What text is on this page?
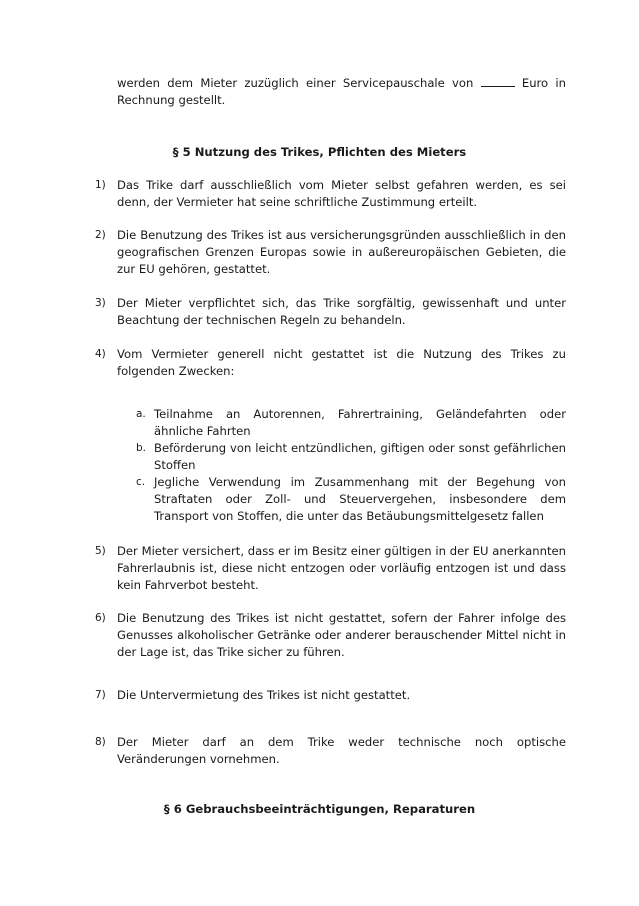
werden dem Mieter zuzüglich einer Servicepauschale von	Euro in Rechnung gestellt.

§ 5 Nutzung des Trikes, Pflichten des Mieters

1) Das Trike darf ausschließlich vom Mieter selbst gefahren werden, es sei denn, der Vermieter hat seine schriftliche Zustimmung erteilt.

2) Die Benutzung des Trikes ist aus versicherungsgründen ausschließlich in den geografischen Grenzen Europas sowie in außereuropäischen Gebieten, die zur EU gehören, gestattet.

3) Der Mieter verpflichtet sich, das Trike sorgfältig, gewissenhaft und unter Beachtung der technischen Regeln zu behandeln.

4) Vom Vermieter generell nicht gestattet ist die Nutzung des Trikes zu folgenden Zwecken:

a. Teilnahme an Autorennen, Fahrertraining, Geländefahrten oder ähnliche Fahrten

b. Beförderung von leicht entzündlichen, giftigen oder sonst gefährlichen Stoffen

c. Jegliche Verwendung im Zusammenhang mit der Begehung von Straftaten oder Zoll- und Steuervergehen, insbesondere dem Transport von Stoffen, die unter das Betäubungsmittelgesetz fallen

5) Der Mieter versichert, dass er im Besitz einer gültigen in der EU anerkannten Fahrerlaubnis ist, diese nicht entzogen oder vorläufig entzogen ist und dass kein Fahrverbot besteht.

6) Die Benutzung des Trikes ist nicht gestattet, sofern der Fahrer infolge des Genusses alkoholischer Getränke oder anderer berauschender Mittel nicht in der Lage ist, das Trike sicher zu führen.

7) Die Untervermietung des Trikes ist nicht gestattet.

8) Der Mieter darf an dem Trike weder technische noch optische Veränderungen vornehmen.

§ 6 Gebrauchsbeeinträchtigungen, Reparaturen
